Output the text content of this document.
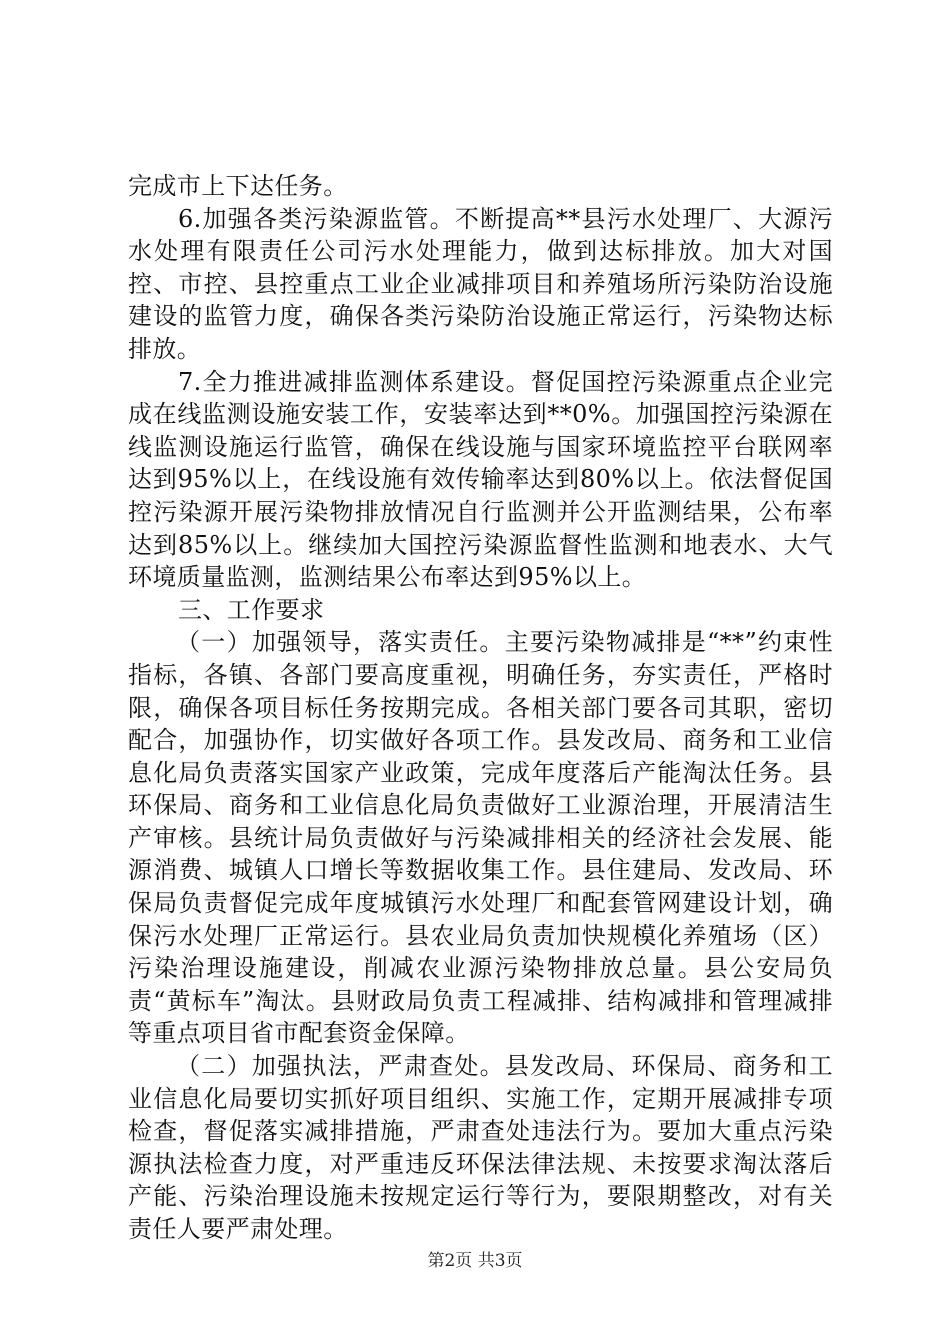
完成市上下达任务。

6.加强各类污染源监管。不断提高**县污水处理厂、大源污水处理有限责任公司污水处理能力，做到达标排放。加大对国控、市控、县控重点工业企业减排项目和养殖场所污染防治设施建设的监管力度，确保各类污染防治设施正常运行，污染物达标排放。

7.全力推进减排监测体系建设。督促国控污染源重点企业完成在线监测设施安装工作，安装率达到**0%。加强国控污染源在线监测设施运行监管，确保在线设施与国家环境监控平台联网率达到95%以上，在线设施有效传输率达到80%以上。依法督促国控污染源开展污染物排放情况自行监测并公开监测结果，公布率达到85%以上。继续加大国控污染源监督性监测和地表水、大气环境质量监测，监测结果公布率达到95%以上。

三、工作要求

（一）加强领导，落实责任。主要污染物减排是“**”约束性指标，各镇、各部门要高度重视，明确任务，夯实责任，严格时限，确保各项目标任务按期完成。各相关部门要各司其职，密切配合，加强协作，切实做好各项工作。县发改局、商务和工业信息化局负责落实国家产业政策，完成年度落后产能淘汰任务。县环保局、商务和工业信息化局负责做好工业源治理，开展清洁生产审核。县统计局负责做好与污染减排相关的经济社会发展、能源消费、城镇人口增长等数据收集工作。县住建局、发改局、环保局负责督促完成年度城镇污水处理厂和配套管网建设计划，确保污水处理厂正常运行。县农业局负责加快规模化养殖场（区）污染治理设施建设，削减农业源污染物排放总量。县公安局负责“黄标车”淘汰。县财政局负责工程减排、结构减排和管理减排等重点项目省市配套资金保障。

（二）加强执法，严肃查处。县发改局、环保局、商务和工业信息化局要切实抓好项目组织、实施工作，定期开展减排专项检查，督促落实减排措施，严肃查处违法行为。要加大重点污染源执法检查力度，对严重违反环保法律法规、未按要求淘汰落后产能、污染治理设施未按规定运行等行为，要限期整改，对有关责任人要严肃处理。

第2页 共3页
